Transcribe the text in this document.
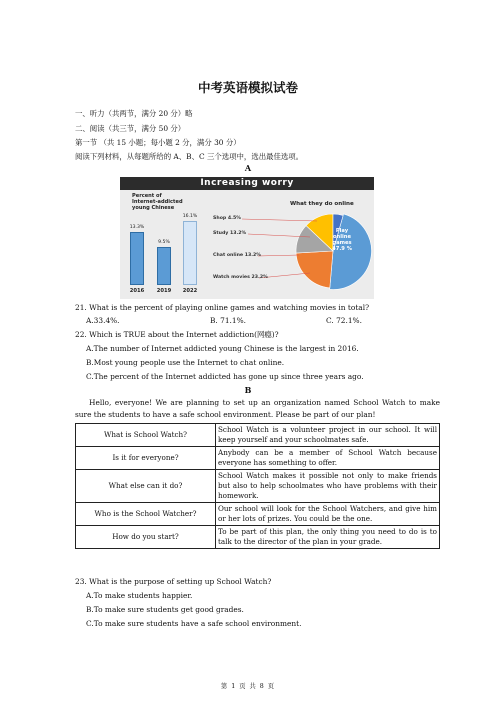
中考英语模拟试卷
一、听力（共两节，满分 20 分）略
二、阅读（共三节，满分 50 分）
第一节 （共 15 小题；每小题 2 分，满分 30 分）
阅读下列材料，从每题所给的 A、B、C 三个选项中，选出最佳选项。
A
Increasing worry
Percent of
Internet-addicted
young Chinese
13.3%
2016
9.5%
2019
16.1%
2022
What they do online
Shop 4.5%
Study 13.2%
Chat online 13.2%
Watch movies 23.2%
Play
online
games
47.9 %
21. What is the percent of playing online games and watching movies in total?
A.33.4%.	B. 71.1%.	C. 72.1%.
22. Which is TRUE about the Internet addiction(网瘾)?
A.The number of Internet addicted young Chinese is the largest in 2016.
B.Most young people use the Internet to chat online.
C.The percent of the Internet addicted has gone up since three years ago.
B
Hello, everyone! We are planning to set up an organization named School Watch to make sure the students to have a safe school environment. Please be part of our plan!
What is School Watch?	School Watch is a volunteer project in our school. It will keep yourself and your schoolmates safe.
Is it for everyone?	Anybody can be a member of School Watch because everyone has something to offer.
What else can it do?	School Watch makes it possible not only to make friends but also to help schoolmates who have problems with their homework.
Who is the School Watcher?	Our school will look for the School Watchers, and give him or her lots of prizes. You could be the one.
How do you start?	To be part of this plan, the only thing you need to do is to talk to the director of the plan in your grade.
23. What is the purpose of setting up School Watch?
A.To make students happier.
B.To make sure students get good grades.
C.To make sure students have a safe school environment.
第 1 页 共 8 页
